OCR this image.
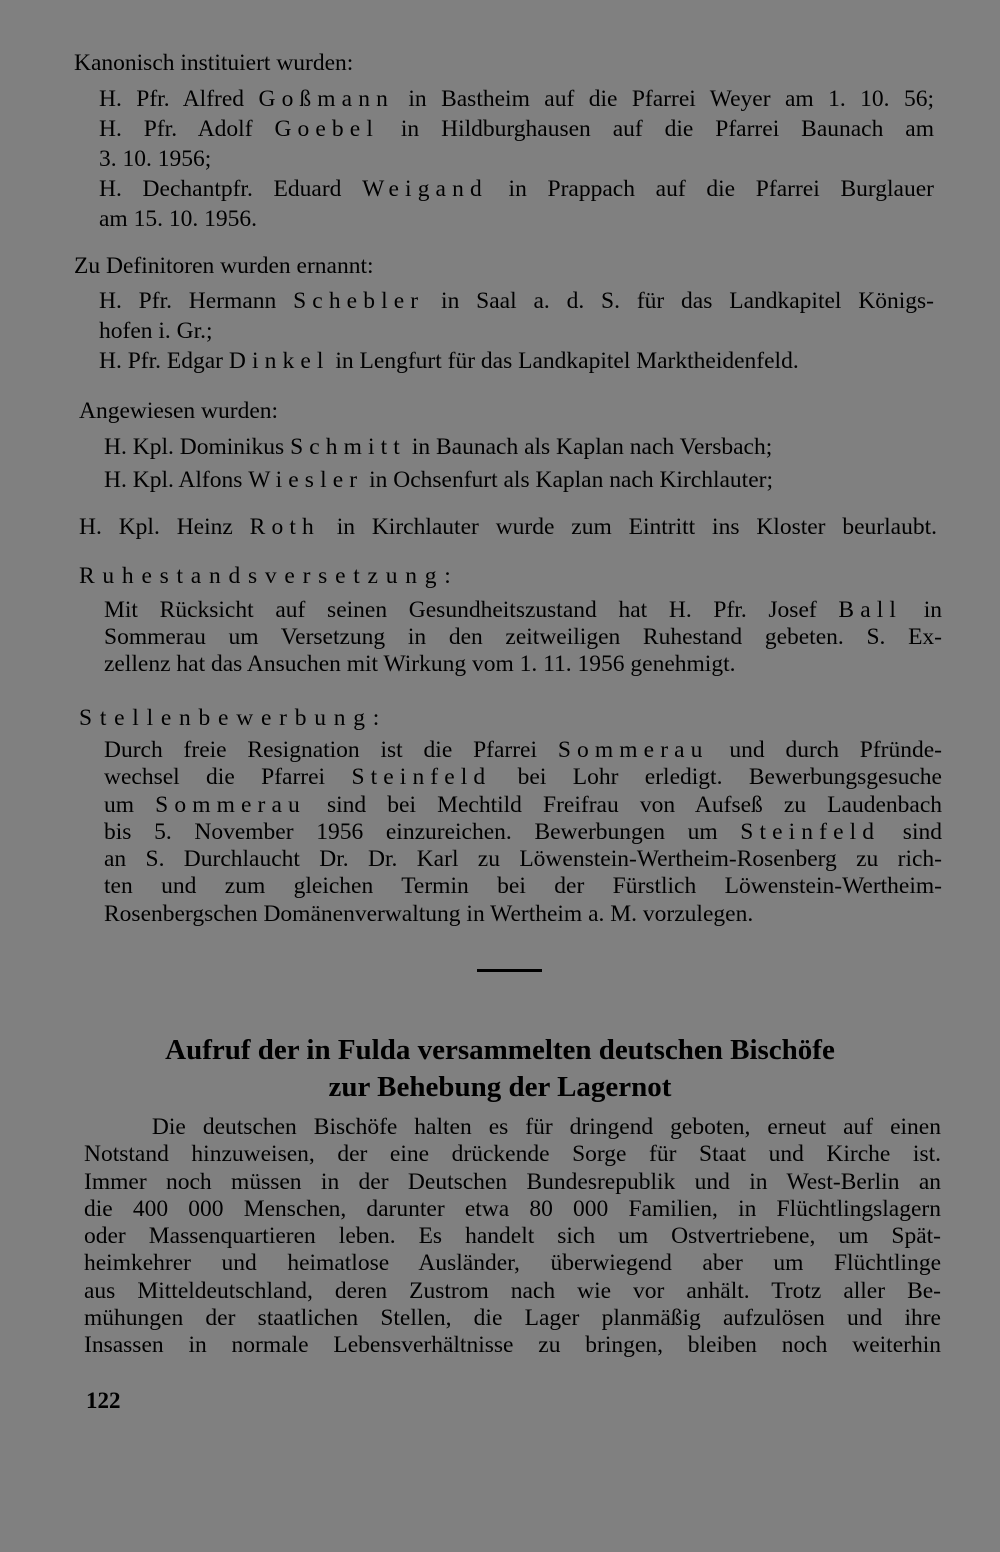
Kanonisch instituiert wurden:

H. Pfr. Alfred Goßmann in Bastheim auf die Pfarrei Weyer am 1. 10. 56;
H. Pfr. Adolf Goebel in Hildburghausen auf die Pfarrei Baunach am
3. 10. 1956;
H. Dechantpfr. Eduard Weigand in Prappach auf die Pfarrei Burglauer
am 15. 10. 1956.

Zu Definitoren wurden ernannt:

H. Pfr. Hermann Schebler in Saal a. d. S. für das Landkapitel Königs-
hofen i. Gr.;
H. Pfr. Edgar Dinkel in Lengfurt für das Landkapitel Marktheidenfeld.

Angewiesen wurden:

H. Kpl. Dominikus Schmitt in Baunach als Kaplan nach Versbach;
H. Kpl. Alfons Wiesler in Ochsenfurt als Kaplan nach Kirchlauter;
H. Kpl. Heinz Roth in Kirchlauter wurde zum Eintritt ins Kloster beurlaubt.

Ruhestandsversetzung:

Mit Rücksicht auf seinen Gesundheitszustand hat H. Pfr. Josef Ball in
Sommerau um Versetzung in den zeitweiligen Ruhestand gebeten. S. Ex-
zellenz hat das Ansuchen mit Wirkung vom 1. 11. 1956 genehmigt.

Stellenbewerbung:

Durch freie Resignation ist die Pfarrei Sommerau und durch Pfründe-
wechsel die Pfarrei Steinfeld bei Lohr erledigt. Bewerbungsgesuche
um Sommerau sind bei Mechtild Freifrau von Aufseß zu Laudenbach
bis 5. November 1956 einzureichen. Bewerbungen um Steinfeld sind
an S. Durchlaucht Dr. Dr. Karl zu Löwenstein-Wertheim-Rosenberg zu rich-
ten und zum gleichen Termin bei der Fürstlich Löwenstein-Wertheim-
Rosenbergschen Domänenverwaltung in Wertheim a. M. vorzulegen.
Aufruf der in Fulda versammelten deutschen Bischöfe
zur Behebung der Lagernot
Die deutschen Bischöfe halten es für dringend geboten, erneut auf einen
Notstand hinzuweisen, der eine drückende Sorge für Staat und Kirche ist.
Immer noch müssen in der Deutschen Bundesrepublik und in West-Berlin an
die 400 000 Menschen, darunter etwa 80 000 Familien, in Flüchtlingslagern
oder Massenquartieren leben. Es handelt sich um Ostvertriebene, um Spät-
heimkehrer und heimatlose Ausländer, überwiegend aber um Flüchtlinge
aus Mitteldeutschland, deren Zustrom nach wie vor anhält. Trotz aller Be-
mühungen der staatlichen Stellen, die Lager planmäßig aufzulösen und ihre
Insassen in normale Lebensverhältnisse zu bringen, bleiben noch weiterhin

122
